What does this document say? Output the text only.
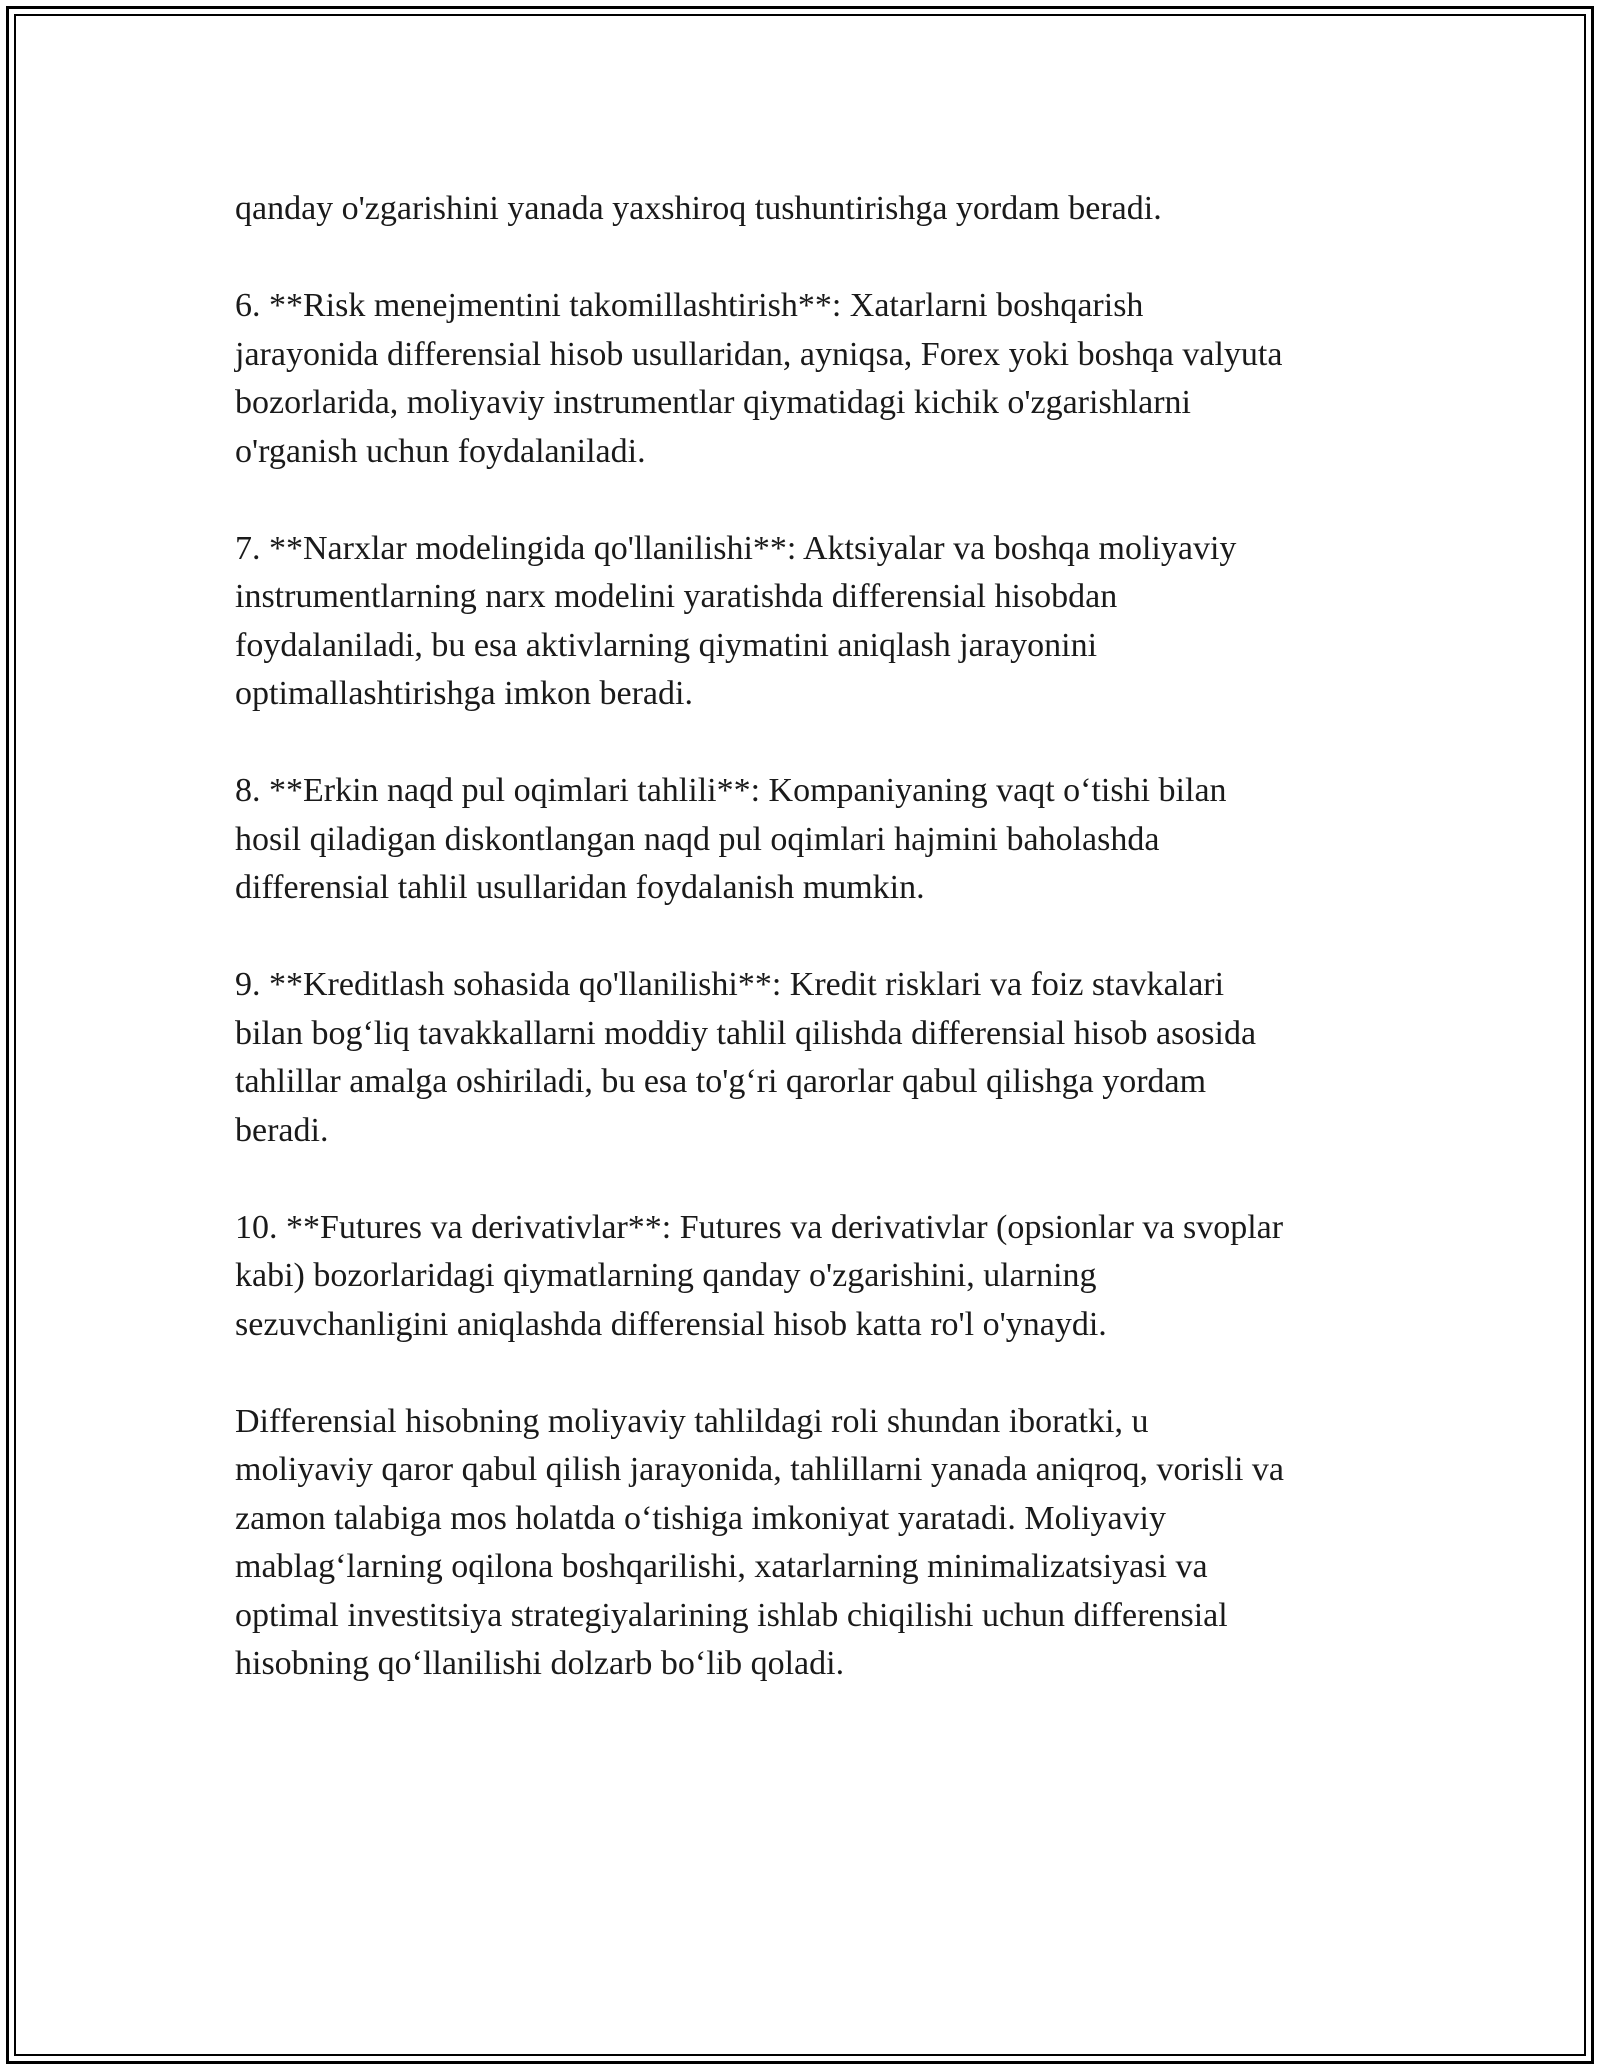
qanday o'zgarishini yanada yaxshiroq tushuntirishga yordam beradi.
6. **Risk menejmentini takomillashtirish**: Xatarlarni boshqarish
jarayonida differensial hisob usullaridan, ayniqsa, Forex yoki boshqa valyuta
bozorlarida, moliyaviy instrumentlar qiymatidagi kichik o'zgarishlarni
o'rganish uchun foydalaniladi.
7. **Narxlar modelingida qo'llanilishi**: Aktsiyalar va boshqa moliyaviy
instrumentlarning narx modelini yaratishda differensial hisobdan
foydalaniladi, bu esa aktivlarning qiymatini aniqlash jarayonini
optimallashtirishga imkon beradi.
8. **Erkin naqd pul oqimlari tahlili**: Kompaniyaning vaqt o‘tishi bilan
hosil qiladigan diskontlangan naqd pul oqimlari hajmini baholashda
differensial tahlil usullaridan foydalanish mumkin.
9. **Kreditlash sohasida qo'llanilishi**: Kredit risklari va foiz stavkalari
bilan bog‘liq tavakkallarni moddiy tahlil qilishda differensial hisob asosida
tahlillar amalga oshiriladi, bu esa to'g‘ri qarorlar qabul qilishga yordam
beradi.
10. **Futures va derivativlar**: Futures va derivativlar (opsionlar va svoplar
kabi) bozorlaridagi qiymatlarning qanday o'zgarishini, ularning
sezuvchanligini aniqlashda differensial hisob katta ro'l o'ynaydi.
Differensial hisobning moliyaviy tahlildagi roli shundan iboratki, u
moliyaviy qaror qabul qilish jarayonida, tahlillarni yanada aniqroq, vorisli va
zamon talabiga mos holatda o‘tishiga imkoniyat yaratadi. Moliyaviy
mablag‘larning oqilona boshqarilishi, xatarlarning minimalizatsiyasi va
optimal investitsiya strategiyalarining ishlab chiqilishi uchun differensial
hisobning qo‘llanilishi dolzarb bo‘lib qoladi.
